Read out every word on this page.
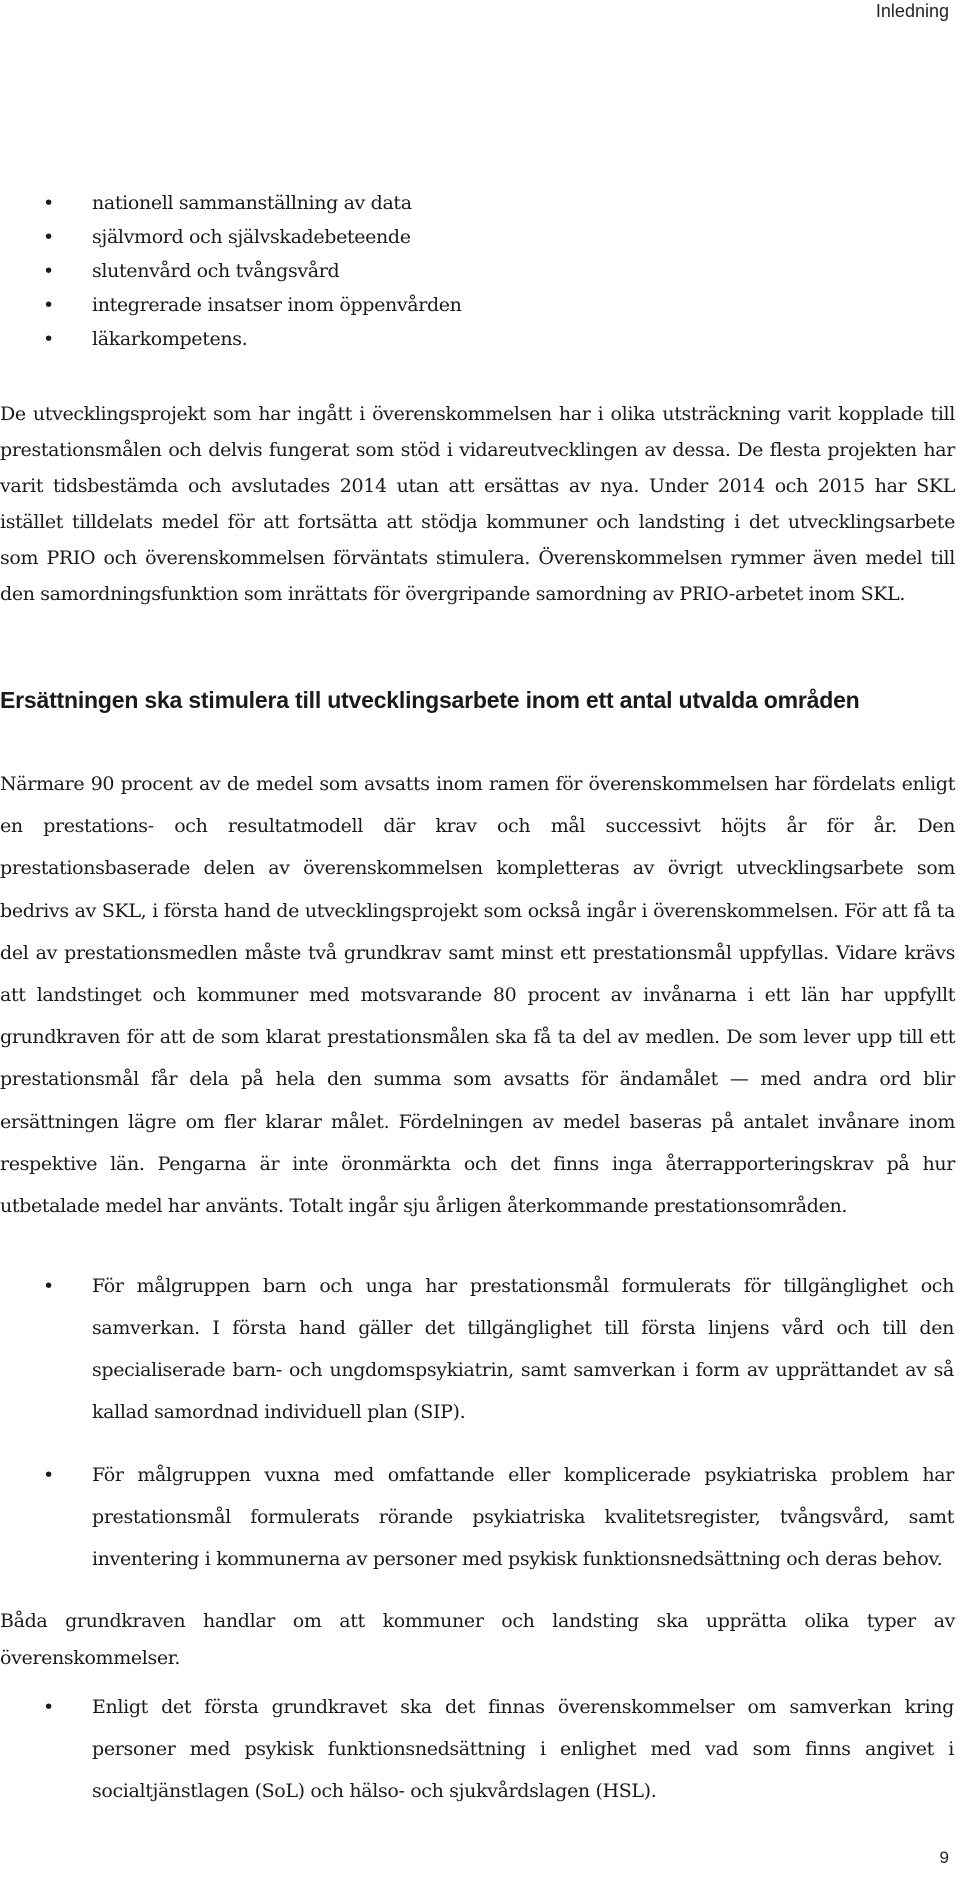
Inledning
• nationell sammanställning av data
• självmord och självskadebeteende
• slutenvård och tvångsvård
• integrerade insatser inom öppenvården
• läkarkompetens.

De utvecklingsprojekt som har ingått i överenskommelsen har i olika utsträckning varit kopplade till prestationsmålen och delvis fungerat som stöd i vidareutvecklingen av dessa. De flesta projekten har varit tidsbestämda och avslutades 2014 utan att ersättas av nya. Under 2014 och 2015 har SKL istället tilldelats medel för att fortsätta att stödja kommuner och landsting i det utvecklingsarbete som PRIO och överenskommelsen förväntats stimulera. Överenskommelsen rymmer även medel till den samordningsfunktion som inrättats för övergripande samordning av PRIO-arbetet inom SKL.

Ersättningen ska stimulera till utvecklingsarbete inom ett antal utvalda områden

Närmare 90 procent av de medel som avsatts inom ramen för överenskommelsen har fördelats enligt en prestations- och resultatmodell där krav och mål successivt höjts år för år. Den prestationsbaserade delen av överenskommelsen kompletteras av övrigt utvecklingsarbete som bedrivs av SKL, i första hand de utvecklingsprojekt som också ingår i överenskommelsen. För att få ta del av prestationsmedlen måste två grundkrav samt minst ett prestationsmål uppfyllas. Vidare krävs att landstinget och kommuner med motsvarande 80 procent av invånarna i ett län har uppfyllt grundkraven för att de som klarat prestationsmålen ska få ta del av medlen. De som lever upp till ett prestationsmål får dela på hela den summa som avsatts för ändamålet — med andra ord blir ersättningen lägre om fler klarar målet. Fördelningen av medel baseras på antalet invånare inom respektive län. Pengarna är inte öronmärkta och det finns inga återrapporteringskrav på hur utbetalade medel har använts. Totalt ingår sju årligen återkommande prestationsområden.

• För målgruppen barn och unga har prestationsmål formulerats för tillgänglighet och samverkan. I första hand gäller det tillgänglighet till första linjens vård och till den specialiserade barn- och ungdomspsykiatrin, samt samverkan i form av upprättandet av så kallad samordnad individuell plan (SIP).
• För målgruppen vuxna med omfattande eller komplicerade psykiatriska problem har prestationsmål formulerats rörande psykiatriska kvalitetsregister, tvångsvård, samt inventering i kommunerna av personer med psykisk funktionsnedsättning och deras behov.

Båda grundkraven handlar om att kommuner och landsting ska upprätta olika typer av överenskommelser.

• Enligt det första grundkravet ska det finnas överenskommelser om samverkan kring personer med psykisk funktionsnedsättning i enlighet med vad som finns angivet i socialtjänstlagen (SoL) och hälso- och sjukvårdslagen (HSL).
9
